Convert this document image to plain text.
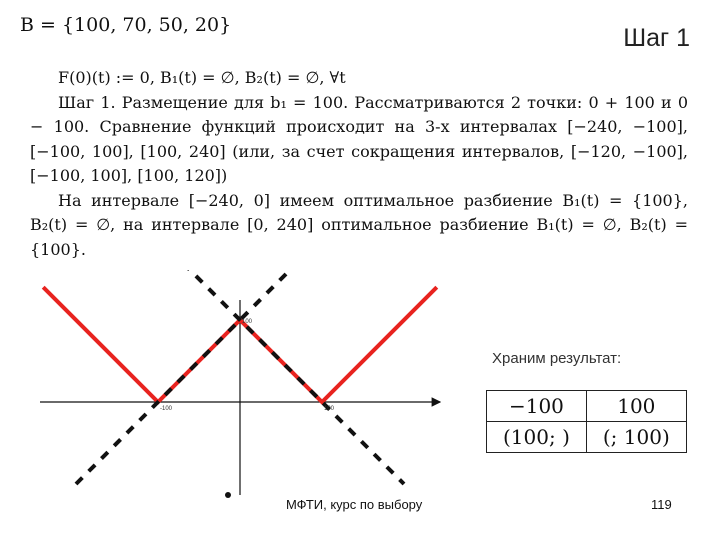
B = {100, 70, 50, 20}	Шаг 1

F(0)(t) := 0, B₁(t) = ∅, B₂(t) = ∅, ∀t

Шаг 1. Размещение для b₁ = 100. Рассматриваются 2 точки: 0 + 100 и 0 − 100. Сравнение функций происходит на 3-х интервалах [−240, −100], [−100, 100], [100, 240] (или, за счет сокращения интервалов, [−120, −100], [−100, 100], [100, 120])

На интервале [−240, 0] имеем оптимальное разбиение B₁(t) = {100}, B₂(t) = ∅, на интервале [0, 240] оптимальное разбиение B₁(t) = ∅, B₂(t) = {100}.

-100	100
100
Храним результат:
−100	100
(100; )	(; 100)
МФТИ, курс по выбору	119
